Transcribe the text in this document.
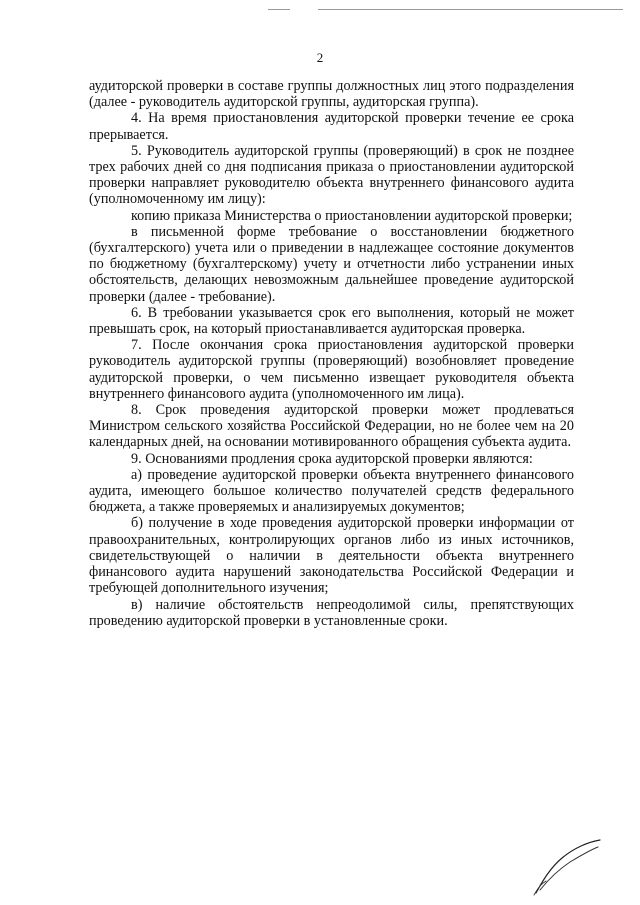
2

аудиторской проверки в составе группы должностных лиц этого подразделения (далее - руководитель аудиторской группы, аудиторская группа).

4. На время приостановления аудиторской проверки течение ее срока прерывается.

5. Руководитель аудиторской группы (проверяющий) в срок не позднее трех рабочих дней со дня подписания приказа о приостановлении аудиторской проверки направляет руководителю объекта внутреннего финансового аудита (уполномоченному им лицу):

копию приказа Министерства о приостановлении аудиторской проверки;

в письменной форме требование о восстановлении бюджетного (бухгалтерского) учета или о приведении в надлежащее состояние документов по бюджетному (бухгалтерскому) учету и отчетности либо устранении иных обстоятельств, делающих невозможным дальнейшее проведение аудиторской проверки (далее - требование).

6. В требовании указывается срок его выполнения, который не может превышать срок, на который приостанавливается аудиторская проверка.

7. После окончания срока приостановления аудиторской проверки руководитель аудиторской группы (проверяющий) возобновляет проведение аудиторской проверки, о чем письменно извещает руководителя объекта внутреннего финансового аудита (уполномоченного им лица).

8. Срок проведения аудиторской проверки может продлеваться Министром сельского хозяйства Российской Федерации, но не более чем на 20 календарных дней, на основании мотивированного обращения субъекта аудита.

9. Основаниями продления срока аудиторской проверки являются:

а) проведение аудиторской проверки объекта внутреннего финансового аудита, имеющего большое количество получателей средств федерального бюджета, а также проверяемых и анализируемых документов;

б) получение в ходе проведения аудиторской проверки информации от правоохранительных, контролирующих органов либо из иных источников, свидетельствующей о наличии в деятельности объекта внутреннего финансового аудита нарушений законодательства Российской Федерации и требующей дополнительного изучения;

в) наличие обстоятельств непреодолимой силы, препятствующих проведению аудиторской проверки в установленные сроки.
